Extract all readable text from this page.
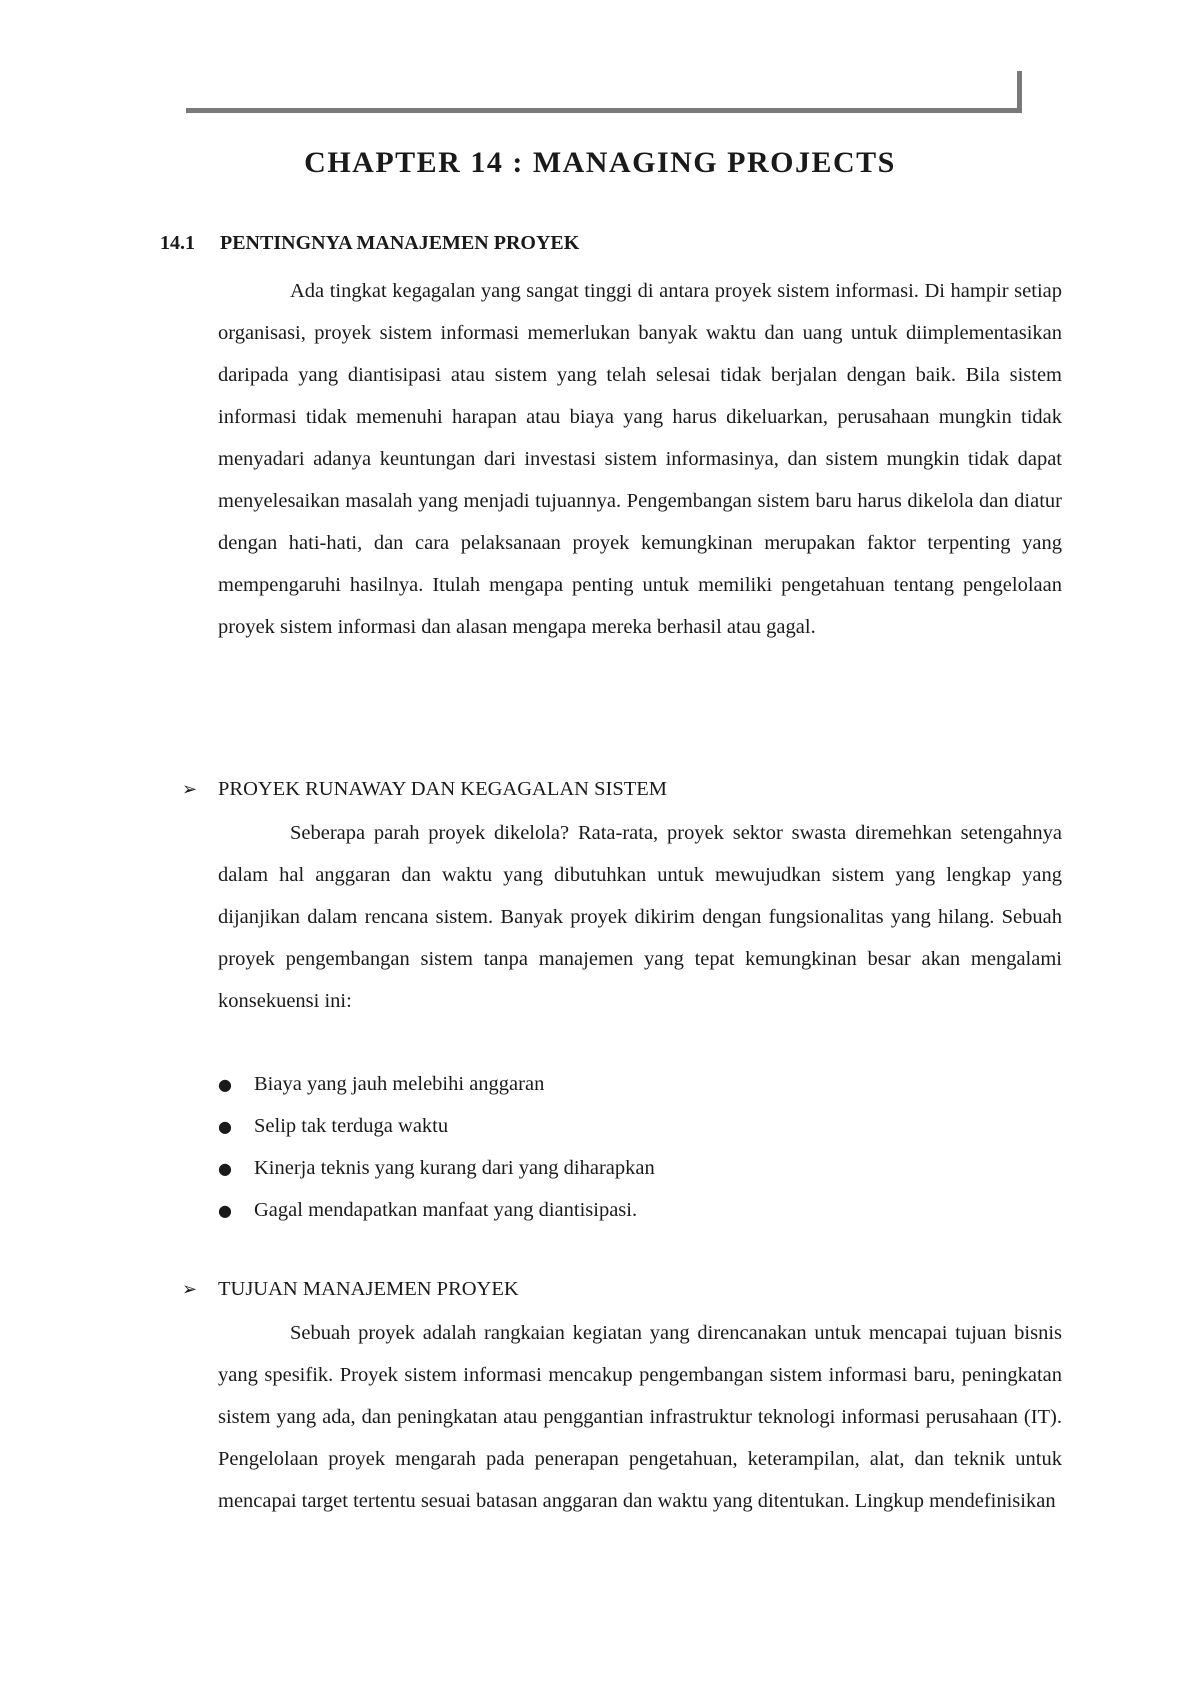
CHAPTER 14 : MANAGING PROJECTS
14.1 PENTINGNYA MANAJEMEN PROYEK

Ada tingkat kegagalan yang sangat tinggi di antara proyek sistem informasi. Di hampir setiap organisasi, proyek sistem informasi memerlukan banyak waktu dan uang untuk diimplementasikan daripada yang diantisipasi atau sistem yang telah selesai tidak berjalan dengan baik. Bila sistem informasi tidak memenuhi harapan atau biaya yang harus dikeluarkan, perusahaan mungkin tidak menyadari adanya keuntungan dari investasi sistem informasinya, dan sistem mungkin tidak dapat menyelesaikan masalah yang menjadi tujuannya. Pengembangan sistem baru harus dikelola dan diatur dengan hati-hati, dan cara pelaksanaan proyek kemungkinan merupakan faktor terpenting yang mempengaruhi hasilnya. Itulah mengapa penting untuk memiliki pengetahuan tentang pengelolaan proyek sistem informasi dan alasan mengapa mereka berhasil atau gagal.

➢ PROYEK RUNAWAY DAN KEGAGALAN SISTEM

Seberapa parah proyek dikelola? Rata-rata, proyek sektor swasta diremehkan setengahnya dalam hal anggaran dan waktu yang dibutuhkan untuk mewujudkan sistem yang lengkap yang dijanjikan dalam rencana sistem. Banyak proyek dikirim dengan fungsionalitas yang hilang. Sebuah proyek pengembangan sistem tanpa manajemen yang tepat kemungkinan besar akan mengalami konsekuensi ini:

● Biaya yang jauh melebihi anggaran
● Selip tak terduga waktu
● Kinerja teknis yang kurang dari yang diharapkan
● Gagal mendapatkan manfaat yang diantisipasi.

➢ TUJUAN MANAJEMEN PROYEK

Sebuah proyek adalah rangkaian kegiatan yang direncanakan untuk mencapai tujuan bisnis yang spesifik. Proyek sistem informasi mencakup pengembangan sistem informasi baru, peningkatan sistem yang ada, dan peningkatan atau penggantian infrastruktur teknologi informasi perusahaan (IT). Pengelolaan proyek mengarah pada penerapan pengetahuan, keterampilan, alat, dan teknik untuk mencapai target tertentu sesuai batasan anggaran dan waktu yang ditentukan. Lingkup mendefinisikan
